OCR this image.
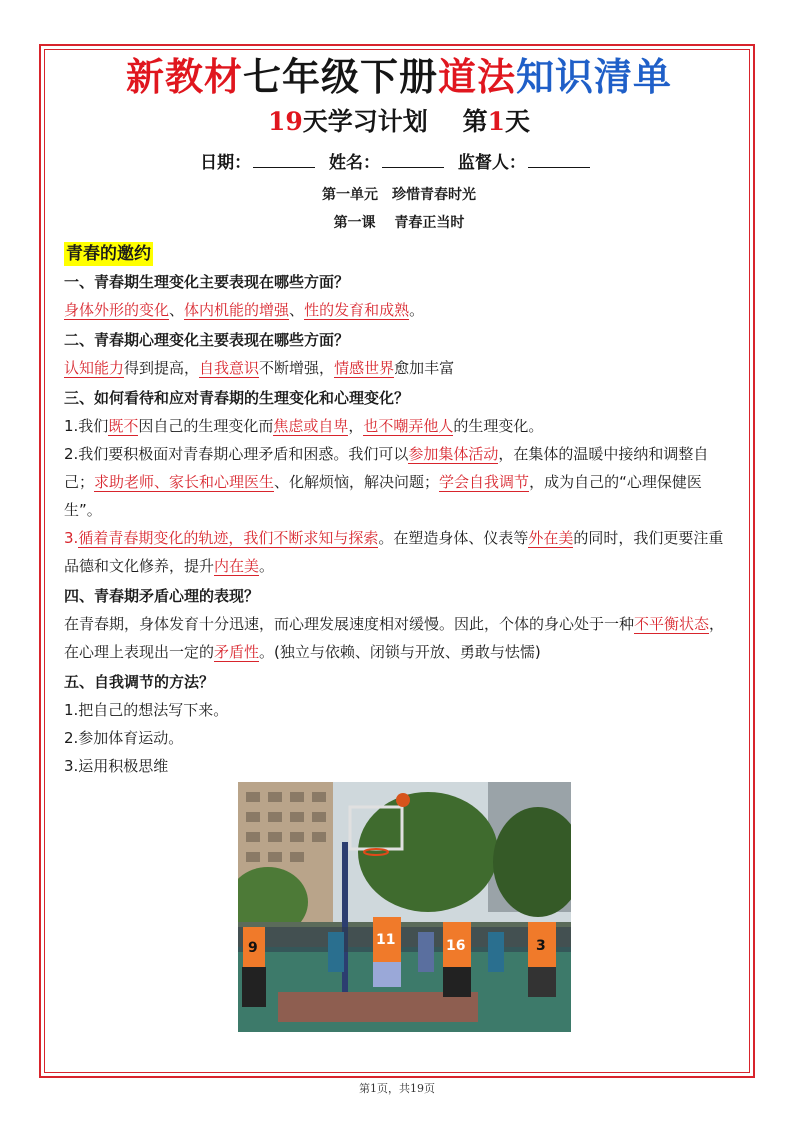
新教材七年级下册道法知识清单
19天学习计划 第1天
日期：	姓名：	监督人：
第一单元　珍惜青春时光
第一课　 青春正当时
青春的邀约
一、青春期生理变化主要表现在哪些方面？
身体外形的变化、体内机能的增强、性的发育和成熟。
二、青春期心理变化主要表现在哪些方面？
认知能力得到提高，自我意识不断增强，情感世界愈加丰富
三、如何看待和应对青春期的生理变化和心理变化？
1.我们既不因自己的生理变化而焦虑或自卑，也不嘲弄他人的生理变化。
2.我们要积极面对青春期心理矛盾和困惑。我们可以参加集体活动，在集体的温暖中接纳和调整自己；求助老师、家长和心理医生、化解烦恼，解决问题；学会自我调节，成为自己的“心理保健医生”。
3.循着青春期变化的轨迹，我们不断求知与探索。在塑造身体、仪表等外在美的同时，我们更要注重品德和文化修养，提升内在美。
四、青春期矛盾心理的表现？
在青春期，身体发育十分迅速，而心理发展速度相对缓慢。因此，个体的身心处于一种不平衡状态，在心理上表现出一定的矛盾性。(独立与依赖、闭锁与开放、勇敢与怯懦)
五、自我调节的方法？
1.把自己的想法写下来。
2.参加体育运动。
3.运用积极思维
9	11	16	3
第1页，共19页
